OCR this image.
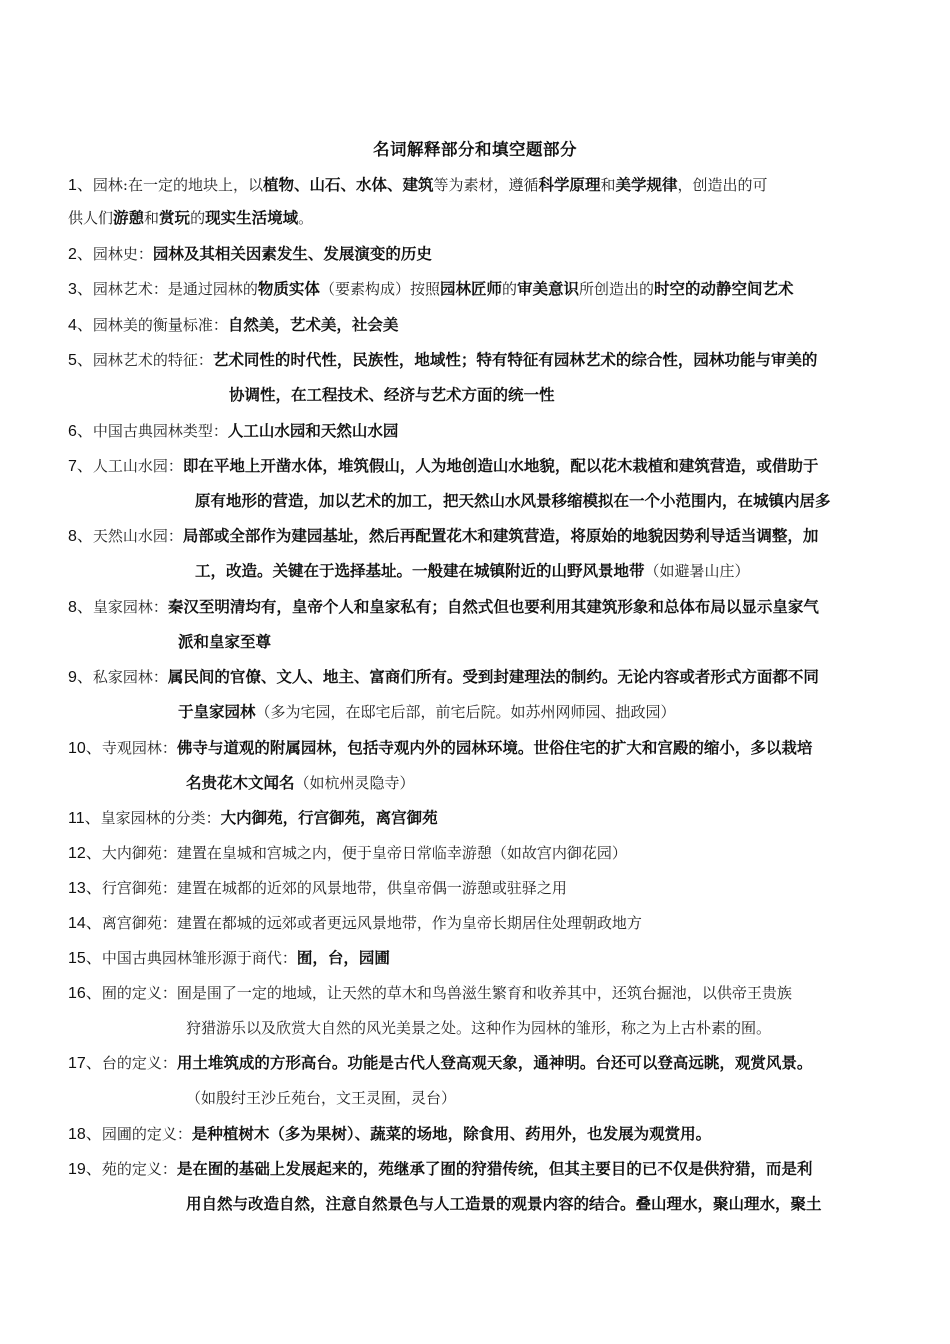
名词解释部分和填空题部分
1、园林:在一定的地块上，以植物、山石、水体、建筑等为素材，遵循科学原理和美学规律，创造出的可
供人们游憩和赏玩的现实生活境域。
2、园林史：园林及其相关因素发生、发展演变的历史
3、园林艺术：是通过园林的物质实体（要素构成）按照园林匠师的审美意识所创造出的时空的动静空间艺术
4、园林美的衡量标准：自然美，艺术美，社会美
5、园林艺术的特征：艺术同性的时代性，民族性，地域性；特有特征有园林艺术的综合性，园林功能与审美的
协调性，在工程技术、经济与艺术方面的统一性
6、中国古典园林类型：人工山水园和天然山水园
7、人工山水园：即在平地上开凿水体，堆筑假山，人为地创造山水地貌，配以花木栽植和建筑营造，或借助于
原有地形的营造，加以艺术的加工，把天然山水风景移缩模拟在一个小范围内，在城镇内居多
8、天然山水园：局部或全部作为建园基址，然后再配置花木和建筑营造，将原始的地貌因势利导适当调整，加
工，改造。关键在于选择基址。一般建在城镇附近的山野风景地带（如避暑山庄）
8、皇家园林：秦汉至明清均有，皇帝个人和皇家私有；自然式但也要利用其建筑形象和总体布局以显示皇家气
派和皇家至尊
9、私家园林：属民间的官僚、文人、地主、富商们所有。受到封建理法的制约。无论内容或者形式方面都不同
于皇家园林（多为宅园，在邸宅后部，前宅后院。如苏州网师园、拙政园）
10、寺观园林：佛寺与道观的附属园林，包括寺观内外的园林环境。世俗住宅的扩大和宫殿的缩小，多以栽培
名贵花木文闻名（如杭州灵隐寺）
11、皇家园林的分类：大内御苑，行宫御苑，离宫御苑
12、大内御苑：建置在皇城和宫城之内，便于皇帝日常临幸游憩（如故宫内御花园）
13、行宫御苑：建置在城都的近郊的风景地带，供皇帝偶一游憩或驻驿之用
14、离宫御苑：建置在都城的远郊或者更远风景地带，作为皇帝长期居住处理朝政地方
15、中国古典园林雏形源于商代：囿，台，园圃
16、囿的定义：囿是围了一定的地域，让天然的草木和鸟兽滋生繁育和收养其中，还筑台掘池，以供帝王贵族
狩猎游乐以及欣赏大自然的风光美景之处。这种作为园林的雏形，称之为上古朴素的囿。
17、台的定义：用土堆筑成的方形高台。功能是古代人登高观天象，通神明。台还可以登高远眺，观赏风景。
（如殷纣王沙丘苑台，文王灵囿，灵台）
18、园圃的定义：是种植树木（多为果树）、蔬菜的场地，除食用、药用外，也发展为观赏用。
19、苑的定义：是在囿的基础上发展起来的，苑继承了囿的狩猎传统，但其主要目的已不仅是供狩猎，而是利
用自然与改造自然，注意自然景色与人工造景的观景内容的结合。叠山理水，聚山理水，聚土
